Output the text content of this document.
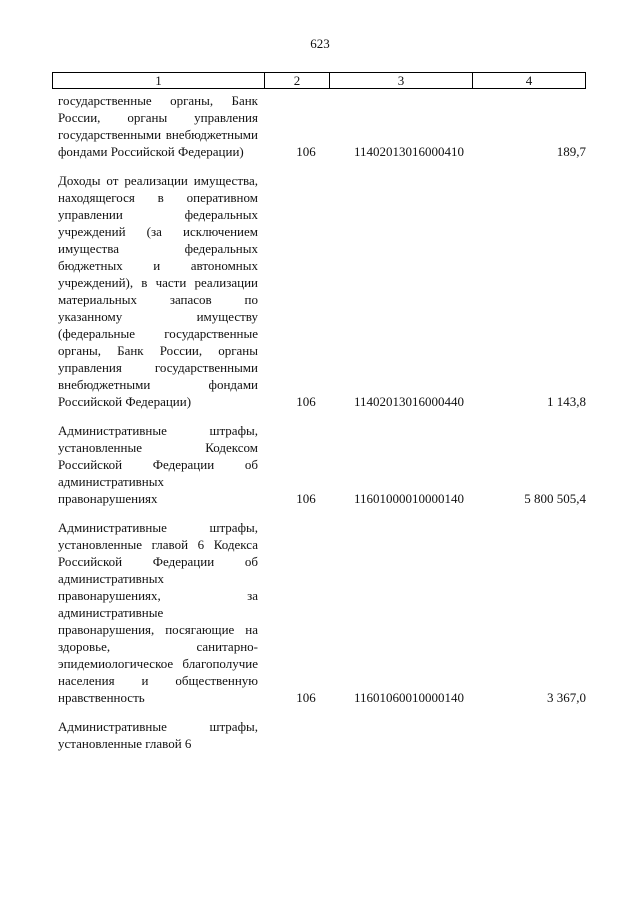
623
1	2	3	4
государственные органы, Банк России, органы управления государственными внебюджетными фондами Российской Федерации)	106	11402013016000410	189,7
Доходы от реализации имущества, находящегося в оперативном управлении федеральных учреждений (за исключением имущества федеральных бюджетных и автономных учреждений), в части реализации материальных запасов по указанному имуществу (федеральные государственные органы, Банк России, органы управления государственными внебюджетными фондами Российской Федерации)	106	11402013016000440	1 143,8
Административные штрафы, установленные Кодексом Российской Федерации об административных правонарушениях	106	11601000010000140	5 800 505,4
Административные штрафы, установленные главой 6 Кодекса Российской Федерации об административных правонарушениях, за административные правонарушения, посягающие на здоровье, санитарно-эпидемиологическое благополучие населения и общественную нравственность	106	11601060010000140	3 367,0
Административные штрафы, установленные главой 6
